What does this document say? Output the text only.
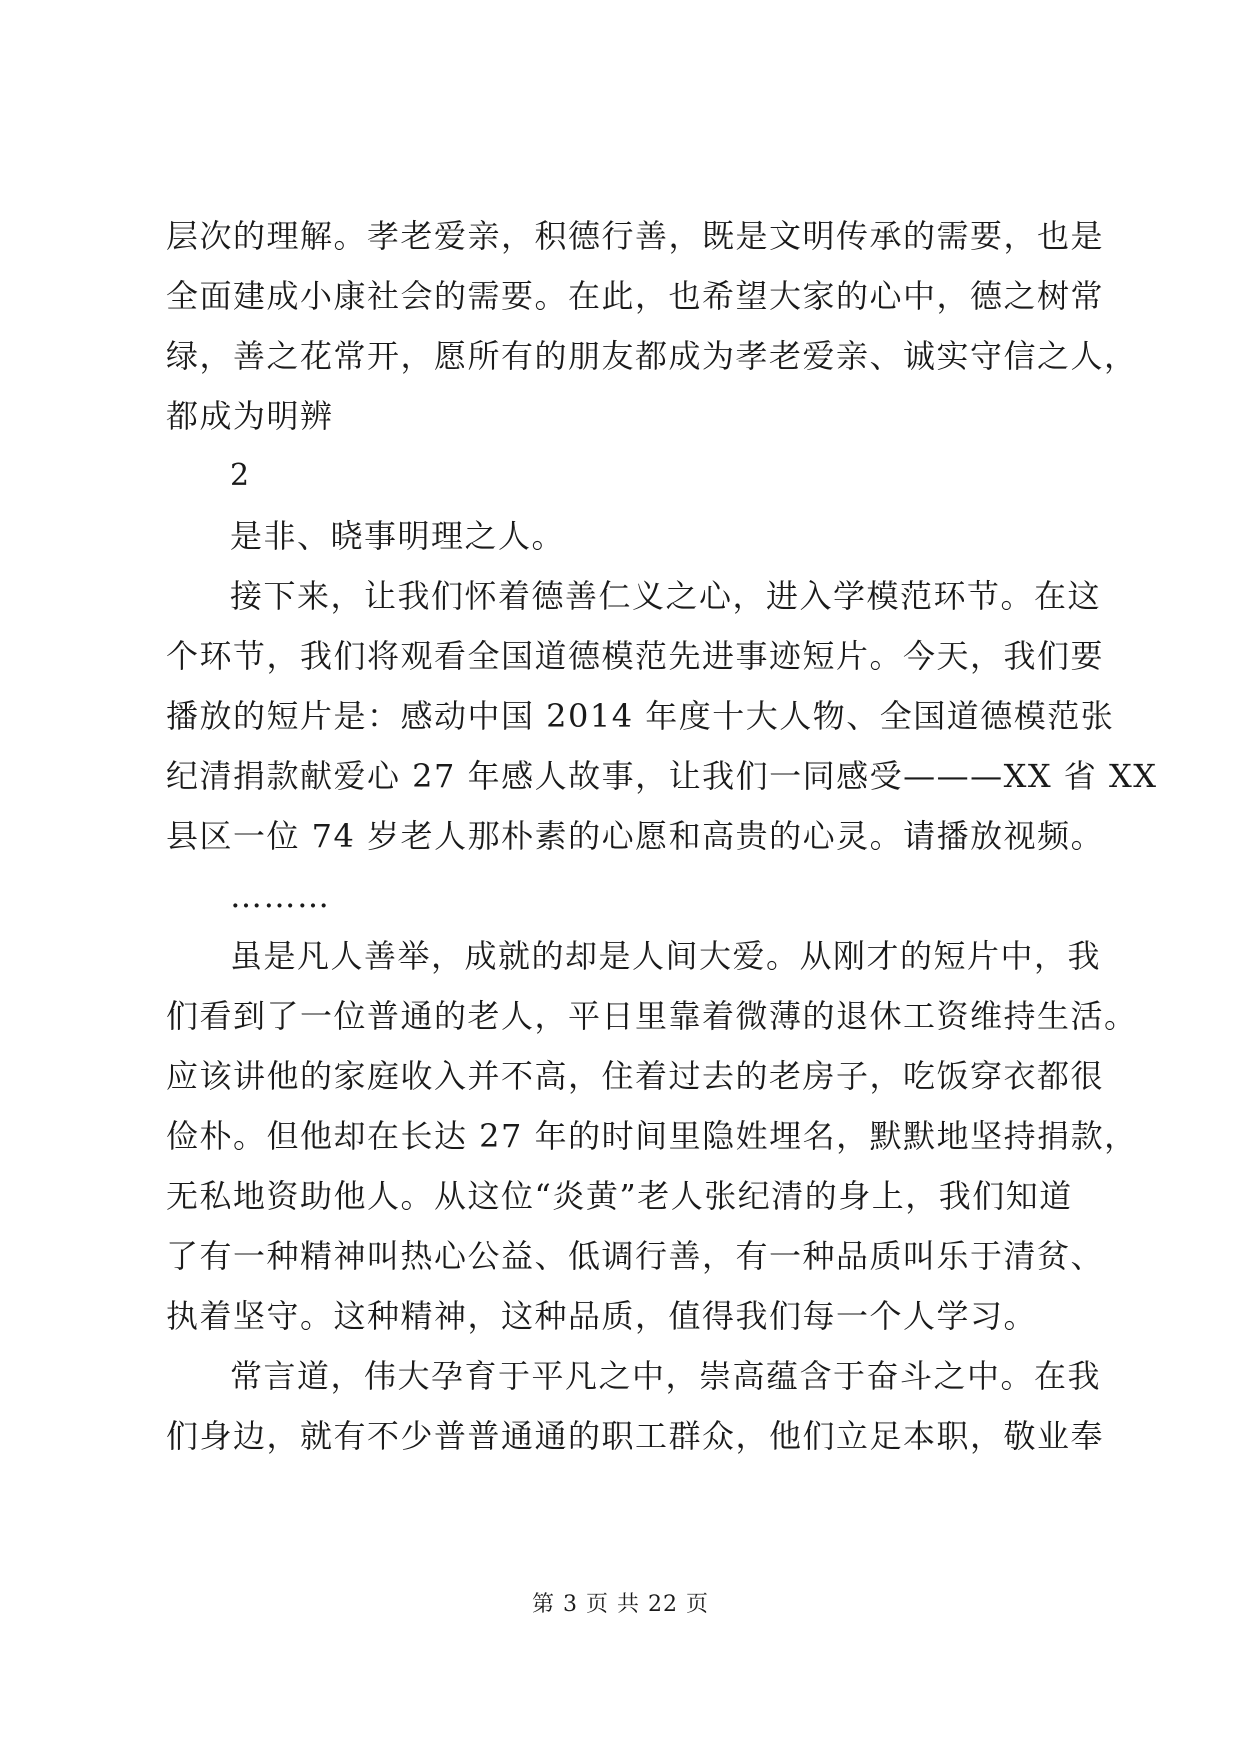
层次的理解。孝老爱亲，积德行善，既是文明传承的需要，也是
全面建成小康社会的需要。在此，也希望大家的心中，德之树常
绿，善之花常开，愿所有的朋友都成为孝老爱亲、诚实守信之人，
都成为明辨
2
是非、晓事明理之人。
接下来，让我们怀着德善仁义之心，进入学模范环节。在这
个环节，我们将观看全国道德模范先进事迹短片。今天，我们要
播放的短片是：感动中国 2014 年度十大人物、全国道德模范张
纪清捐款献爱心 27 年感人故事，让我们一同感受———XX 省 XX
县区一位 74 岁老人那朴素的心愿和高贵的心灵。请播放视频。
………
虽是凡人善举，成就的却是人间大爱。从刚才的短片中，我
们看到了一位普通的老人，平日里靠着微薄的退休工资维持生活。
应该讲他的家庭收入并不高，住着过去的老房子，吃饭穿衣都很
俭朴。但他却在长达 27 年的时间里隐姓埋名，默默地坚持捐款，
无私地资助他人。从这位“炎黄”老人张纪清的身上，我们知道
了有一种精神叫热心公益、低调行善，有一种品质叫乐于清贫、
执着坚守。这种精神，这种品质，值得我们每一个人学习。
常言道，伟大孕育于平凡之中，崇高蕴含于奋斗之中。在我
们身边，就有不少普普通通的职工群众，他们立足本职，敬业奉
第 3 页 共 22 页
